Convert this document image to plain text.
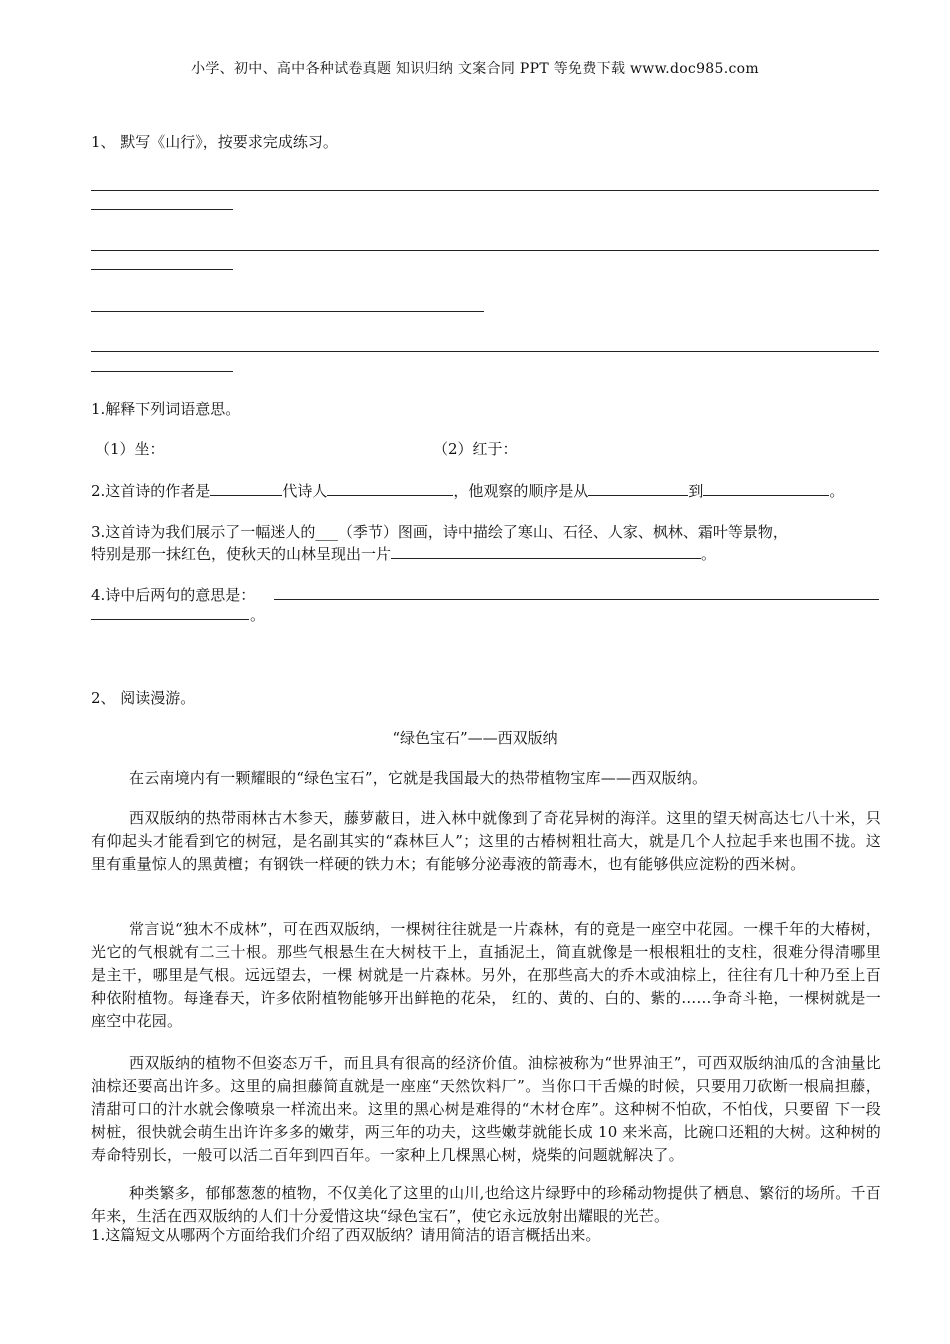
小学、初中、高中各种试卷真题 知识归纳 文案合同 PPT 等免费下载 www.doc985.com
1、 默写《山行》，按要求完成练习。
1.解释下列词语意思。
（1）坐：	（2）红于：
2.这首诗的作者是	代诗人	，他观察的顺序是从	到	。
3.这首诗为我们展示了一幅迷人的___（季节）图画，诗中描绘了寒山、石径、人家、枫林、霜叶等景物，
特别是那一抹红色，使秋天的山林呈现出一片	。
4.诗中后两句的意思是：
。
2、 阅读漫游。
“绿色宝石”——西双版纳
在云南境内有一颗耀眼的“绿色宝石”，它就是我国最大的热带植物宝库——西双版纳。
西双版纳的热带雨林古木参天，藤萝蔽日，进入林中就像到了奇花异树的海洋。这里的望天树高达七八十米，只有仰起头才能看到它的树冠，是名副其实的“森林巨人”；这里的古椿树粗壮高大，就是几个人拉起手来也围不拢。这里有重量惊人的黑黄檀；有钢铁一样硬的铁力木；有能够分泌毒液的箭毒木，也有能够供应淀粉的西米树。
常言说“独木不成林”，可在西双版纳，一棵树往往就是一片森林，有的竟是一座空中花园。一棵千年的大椿树，光它的气根就有二三十根。那些气根悬生在大树枝干上，直插泥土，简直就像是一根根粗壮的支柱，很难分得清哪里是主干，哪里是气根。远远望去，一棵 树就是一片森林。另外，在那些高大的乔木或油棕上，往往有几十种乃至上百种依附植物。每逢春天，许多依附植物能够开出鲜艳的花朵， 红的、黄的、白的、紫的……争奇斗艳，一棵树就是一座空中花园。
西双版纳的植物不但姿态万千，而且具有很高的经济价值。油棕被称为“世界油王”，可西双版纳油瓜的含油量比油棕还要高出许多。这里的扁担藤简直就是一座座“天然饮料厂”。当你口干舌燥的时候，只要用刀砍断一根扁担藤，清甜可口的汁水就会像喷泉一样流出来。这里的黑心树是难得的“木材仓库”。这种树不怕砍，不怕伐，只要留 下一段树桩，很快就会萌生出许许多多的嫩芽，两三年的功夫，这些嫩芽就能长成 10 来米高，比碗口还粗的大树。这种树的寿命特别长，一般可以活二百年到四百年。一家种上几棵黑心树，烧柴的问题就解决了。
种类繁多，郁郁葱葱的植物，不仅美化了这里的山川,也给这片绿野中的珍稀动物提供了栖息、繁衍的场所。千百年来，生活在西双版纳的人们十分爱惜这块“绿色宝石”，使它永远放射出耀眼的光芒。
1.这篇短文从哪两个方面给我们介绍了西双版纳？请用简洁的语言概括出来。
